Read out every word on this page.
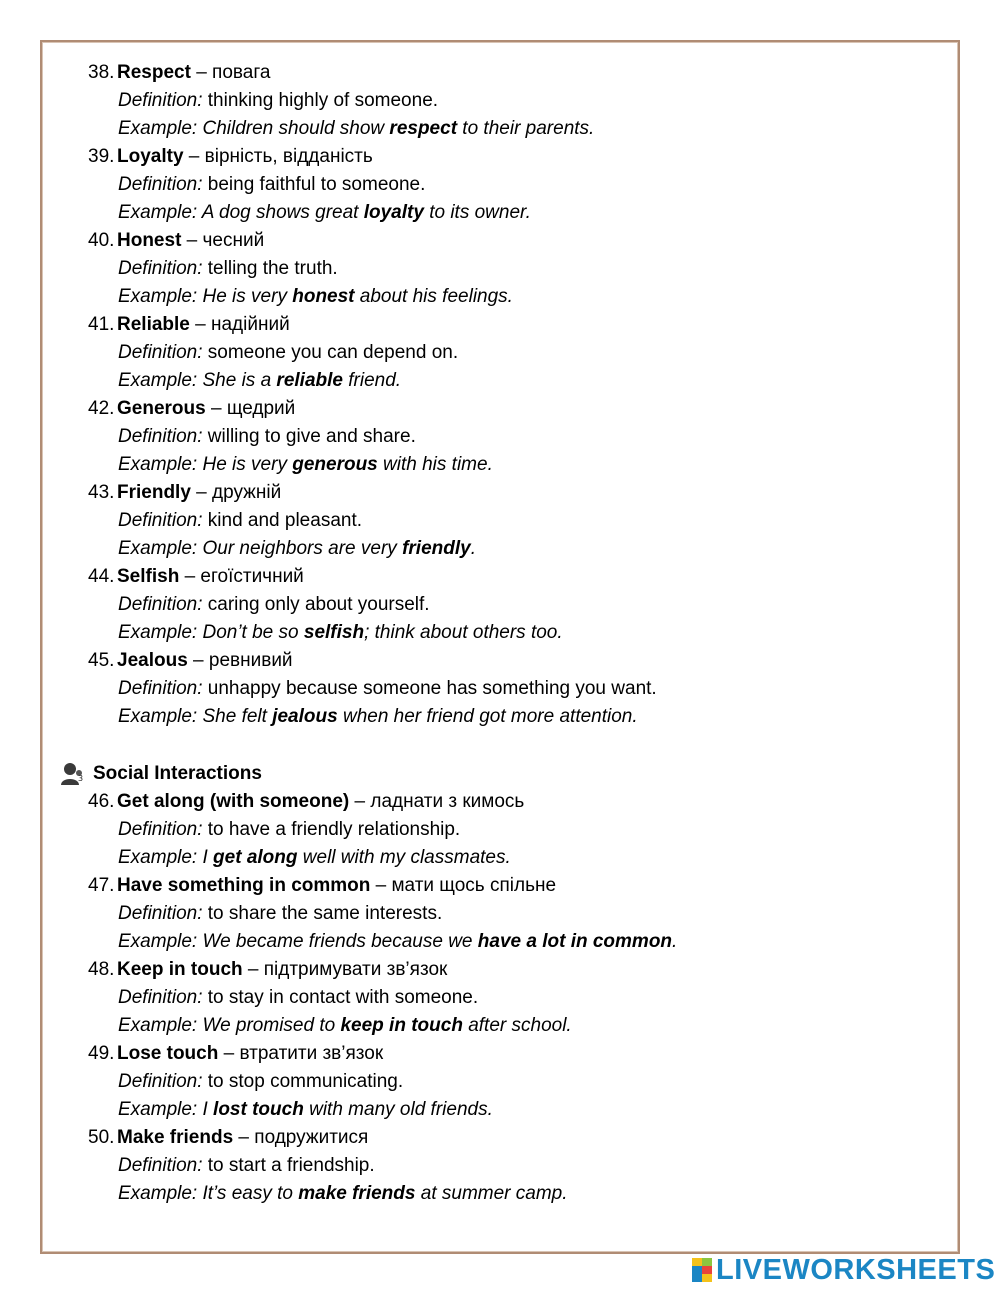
38. Respect – повага
Definition: thinking highly of someone.
Example: Children should show respect to their parents.
39. Loyalty – вірність, відданість
Definition: being faithful to someone.
Example: A dog shows great loyalty to its owner.
40. Honest – чесний
Definition: telling the truth.
Example: He is very honest about his feelings.
41. Reliable – надійний
Definition: someone you can depend on.
Example: She is a reliable friend.
42. Generous – щедрий
Definition: willing to give and share.
Example: He is very generous with his time.
43. Friendly – дружній
Definition: kind and pleasant.
Example: Our neighbors are very friendly.
44. Selfish – егоїстичний
Definition: caring only about yourself.
Example: Don’t be so selfish; think about others too.
45. Jealous – ревнивий
Definition: unhappy because someone has something you want.
Example: She felt jealous when her friend got more attention.
3 Social Interactions
46. Get along (with someone) – ладнати з кимось
Definition: to have a friendly relationship.
Example: I get along well with my classmates.
47. Have something in common – мати щось спільне
Definition: to share the same interests.
Example: We became friends because we have a lot in common.
48. Keep in touch – підтримувати зв’язок
Definition: to stay in contact with someone.
Example: We promised to keep in touch after school.
49. Lose touch – втратити зв’язок
Definition: to stop communicating.
Example: I lost touch with many old friends.
50. Make friends – подружитися
Definition: to start a friendship.
Example: It’s easy to make friends at summer camp.
LIVEWORKSHEETS
